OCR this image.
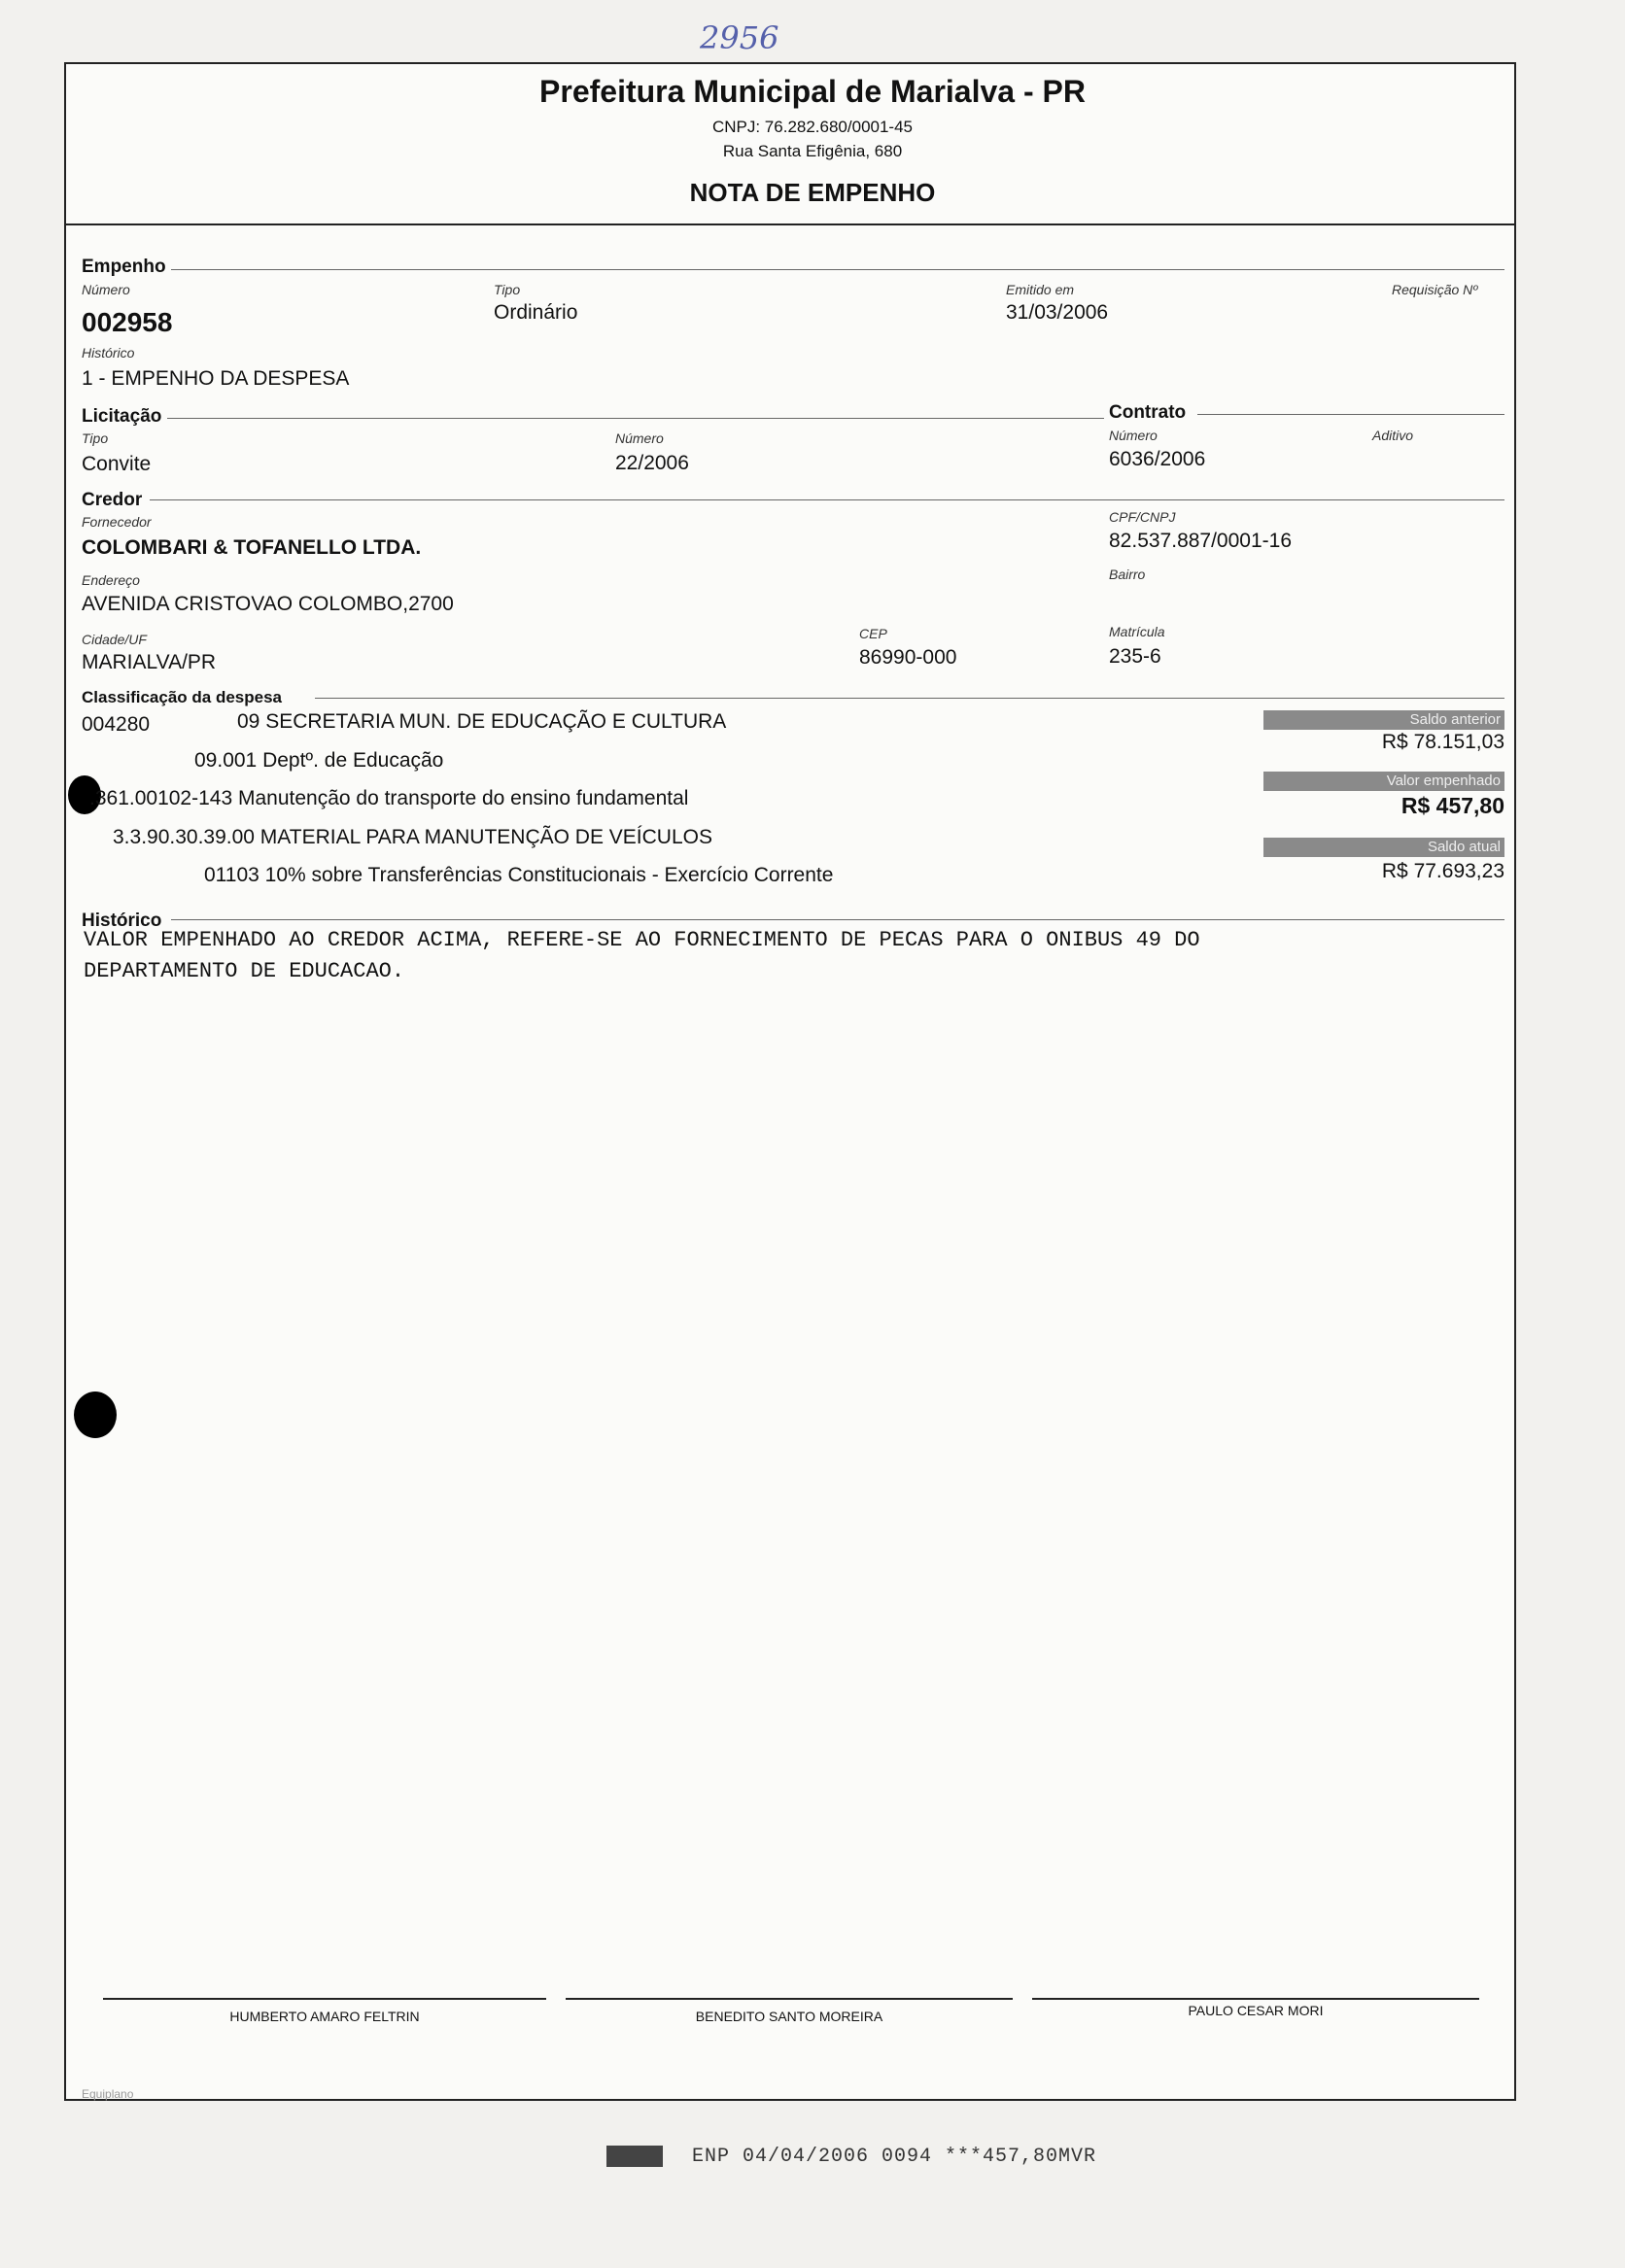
2956
Prefeitura Municipal de Marialva - PR
CNPJ: 76.282.680/0001-45
Rua Santa Efigênia, 680
NOTA DE EMPENHO
Empenho
Número
002958
Tipo
Ordinário
Emitido em
31/03/2006
Requisição Nº
Histórico
1 - EMPENHO DA DESPESA
Licitação	Contrato
Tipo
Convite
Número
22/2006
Número
6036/2006
Aditivo
Credor
Fornecedor
COLOMBARI & TOFANELLO LTDA.
CPF/CNPJ
82.537.887/0001-16
Endereço
AVENIDA CRISTOVAO COLOMBO,2700
Bairro
Cidade/UF
MARIALVA/PR
CEP
86990-000
Matrícula
235-6
Classificação da despesa
004280	09 SECRETARIA MUN. DE EDUCAÇÃO E CULTURA
09.001 Deptº. de Educação
.361.00102-143 Manutenção do transporte do ensino fundamental
3.3.90.30.39.00 MATERIAL PARA MANUTENÇÃO DE VEÍCULOS
01103 10% sobre Transferências Constitucionais - Exercício Corrente
Saldo anterior
R$ 78.151,03
Valor empenhado
R$ 457,80
Saldo atual
R$ 77.693,23
Histórico
VALOR EMPENHADO AO CREDOR ACIMA, REFERE-SE AO FORNECIMENTO DE PECAS PARA O ONIBUS 49 DO
DEPARTAMENTO DE EDUCACAO.
HUMBERTO AMARO FELTRIN	BENEDITO SANTO MOREIRA	PAULO CESAR MORI
Equiplano
ENP 04/04/2006 0094 ***457,80MVR
